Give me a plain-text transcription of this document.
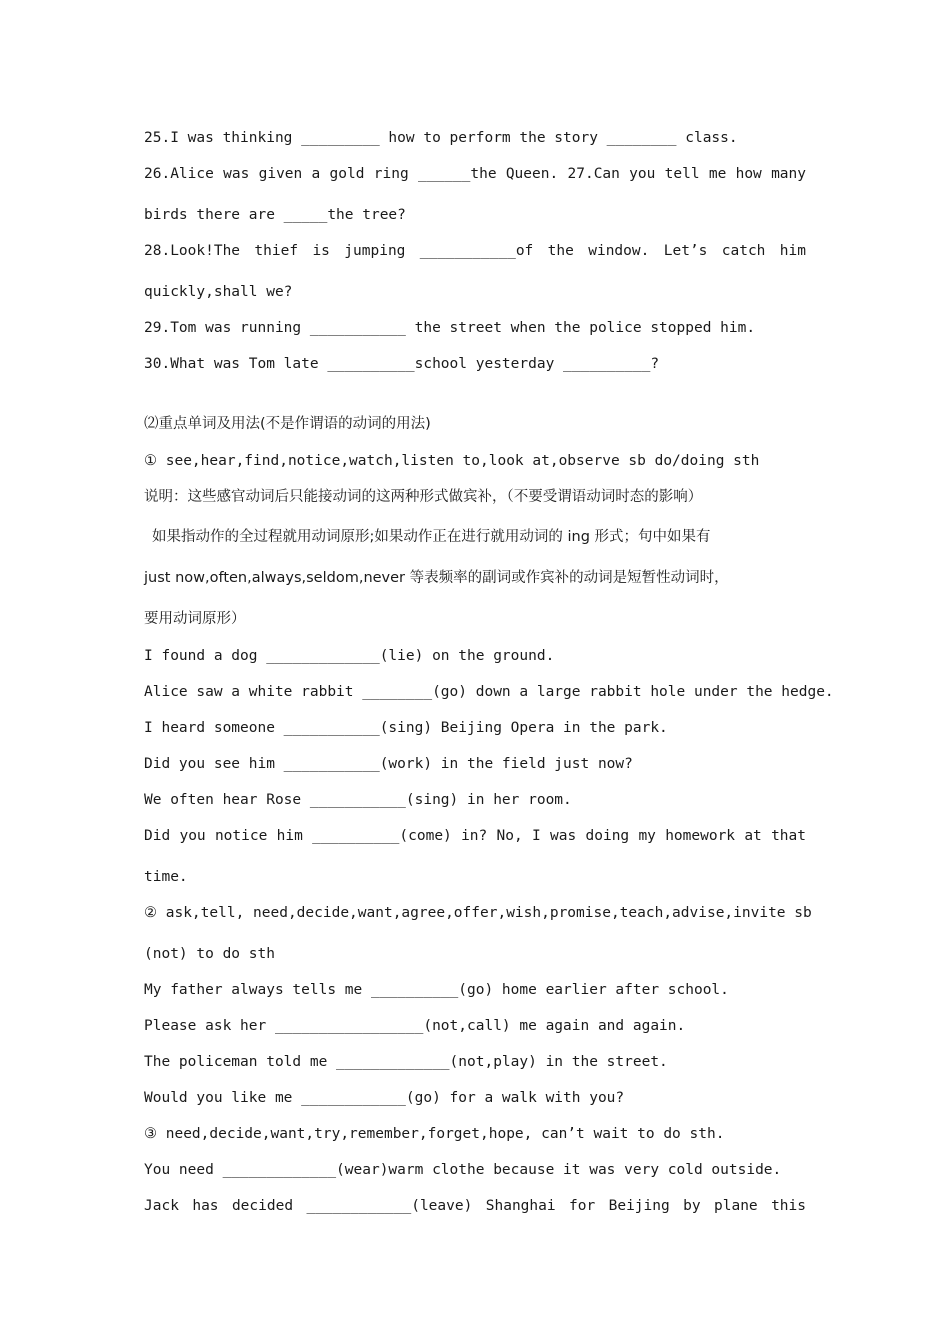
25.I was thinking _________ how to perform the story ________ class.
26.Alice was given a gold ring ______the Queen. 27.Can you tell me how many
birds there are _____the tree?
28.Look!The thief is jumping ___________of the window. Let’s catch him
quickly,shall we?
29.Tom was running ___________ the street when the police stopped him.
30.What was Tom late __________school yesterday __________?
⑵重点单词及用法(不是作谓语的动词的用法)
① see,hear,find,notice,watch,listen to,look at,observe sb do/doing sth
说明：这些感官动词后只能接动词的这两种形式做宾补，（不要受谓语动词时态的影响）
如果指动作的全过程就用动词原形;如果动作正在进行就用动词的 ing 形式；句中如果有
just now,often,always,seldom,never 等表频率的副词或作宾补的动词是短暂性动词时，
要用动词原形）
I found a dog _____________(lie) on the ground.
Alice saw a white rabbit ________(go) down a large rabbit hole under the hedge.
I heard someone ___________(sing) Beijing Opera in the park.
Did you see him ___________(work) in the field just now?
We often hear Rose ___________(sing) in her room.
Did you notice him __________(come) in? No, I was doing my homework at that
time.
② ask,tell, need,decide,want,agree,offer,wish,promise,teach,advise,invite sb
(not) to do sth
My father always tells me __________(go) home earlier after school.
Please ask her _________________(not,call) me again and again.
The policeman told me _____________(not,play) in the street.
Would you like me ____________(go) for a walk with you?
③ need,decide,want,try,remember,forget,hope, can’t wait to do sth.
You need _____________(wear)warm clothe because it was very cold outside.
Jack has decided ____________(leave) Shanghai for Beijing by plane this
